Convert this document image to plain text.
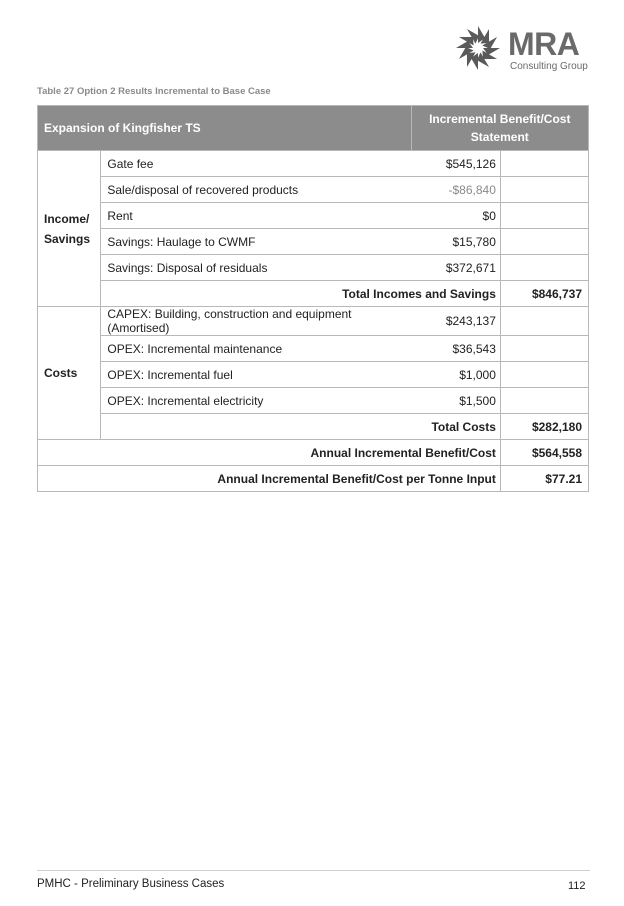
MRA
Consulting Group
Table 27 Option 2 Results Incremental to Base Case
Expansion of Kingfisher TS		Incremental Benefit/Cost Statement	
Income/ Savings	Gate fee	$545,126	
	Sale/disposal of recovered products	-$86,840	
	Rent	$0	
	Savings: Haulage to CWMF	$15,780	
	Savings: Disposal of residuals	$372,671	
	Total Incomes and Savings		$846,737
Costs	CAPEX: Building, construction and equipment (Amortised)	$243,137	
	OPEX: Incremental maintenance	$36,543	
	OPEX: Incremental fuel	$1,000	
	OPEX: Incremental electricity	$1,500	
	Total Costs		$282,180
Annual Incremental Benefit/Cost			$564,558
Annual Incremental Benefit/Cost per Tonne Input			$77.21
PMHC - Preliminary Business Cases	112
